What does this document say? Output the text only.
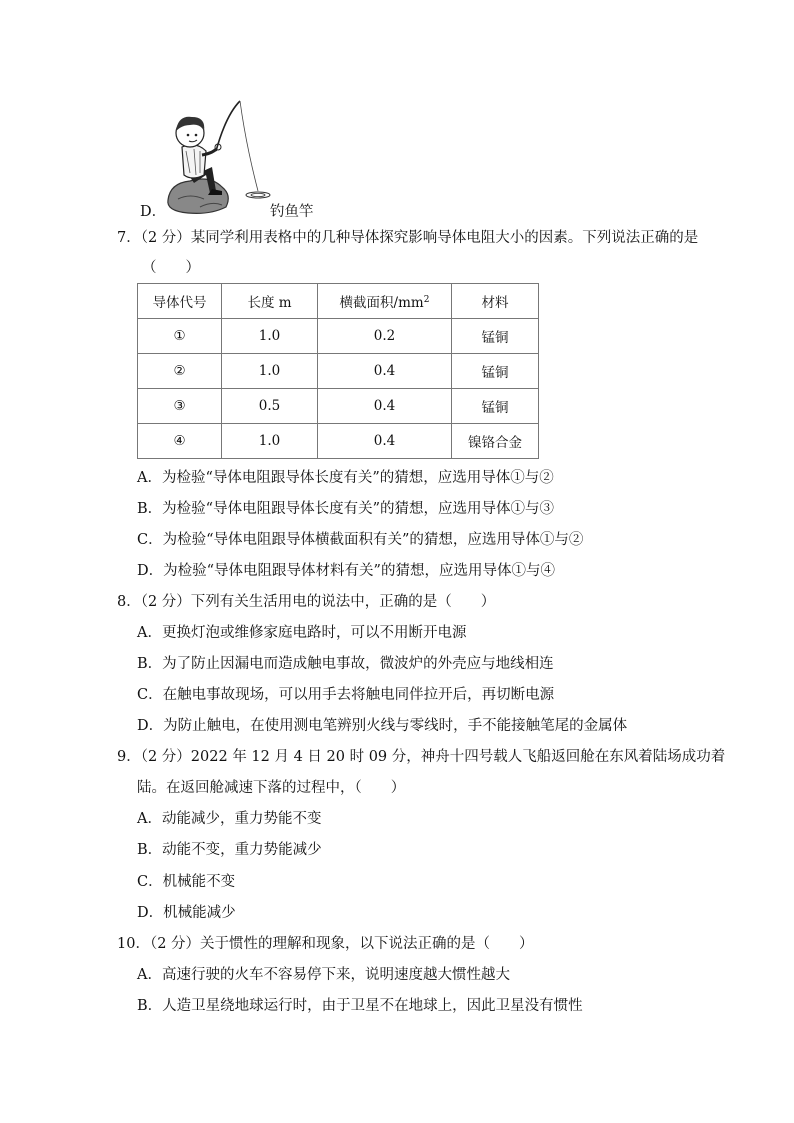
D．	钓鱼竿
7．（2 分）某同学利用表格中的几种导体探究影响导体电阻大小的因素。下列说法正确的是
（　　）
导体代号	长度 m	横截面积$/mm^2$	材料
①	1.0	0.2	锰铜
②	1.0	0.4	锰铜
③	0.5	0.4	锰铜
④	1.0	0.4	镍铬合金
A．为检验“导体电阻跟导体长度有关”的猜想，应选用导体①与②
B．为检验“导体电阻跟导体长度有关”的猜想，应选用导体①与③
C．为检验“导体电阻跟导体横截面积有关”的猜想，应选用导体①与②
D．为检验“导体电阻跟导体材料有关”的猜想，应选用导体①与④
8．（2 分）下列有关生活用电的说法中，正确的是（　　）
A．更换灯泡或维修家庭电路时，可以不用断开电源
B．为了防止因漏电而造成触电事故，微波炉的外壳应与地线相连
C．在触电事故现场，可以用手去将触电同伴拉开后，再切断电源
D．为防止触电，在使用测电笔辨别火线与零线时，手不能接触笔尾的金属体
9．（2 分）2022 年 12 月 4 日 20 时 09 分，神舟十四号载人飞船返回舱在东风着陆场成功着
陆。在返回舱减速下落的过程中，（　　）
A．动能减少，重力势能不变
B．动能不变，重力势能减少
C．机械能不变
D．机械能减少
10．（2 分）关于惯性的理解和现象，以下说法正确的是（　　）
A．高速行驶的火车不容易停下来，说明速度越大惯性越大
B．人造卫星绕地球运行时，由于卫星不在地球上，因此卫星没有惯性
